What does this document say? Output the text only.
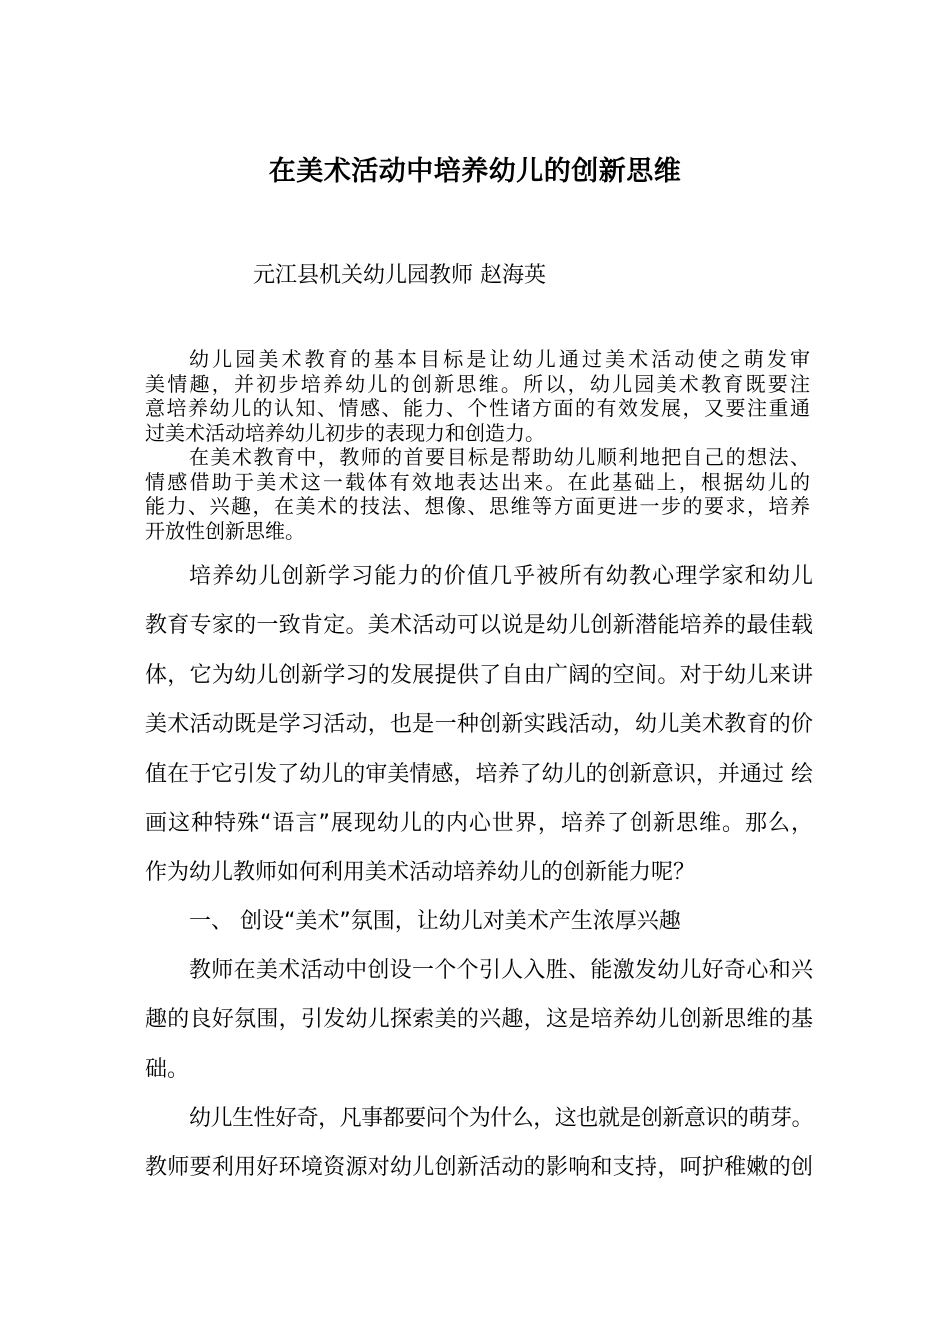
在美术活动中培养幼儿的创新思维
元江县机关幼儿园教师 赵海英
幼儿园美术教育的基本目标是让幼儿通过美术活动使之萌发审
美情趣，并初步培养幼儿的创新思维。所以，幼儿园美术教育既要注
意培养幼儿的认知、情感、能力、个性诸方面的有效发展，又要注重通
过美术活动培养幼儿初步的表现力和创造力。
在美术教育中，教师的首要目标是帮助幼儿顺利地把自己的想法、
情感借助于美术这一载体有效地表达出来。在此基础上，根据幼儿的
能力、兴趣，在美术的技法、想像、思维等方面更进一步的要求，培养
开放性创新思维。
培养幼儿创新学习能力的价值几乎被所有幼教心理学家和幼儿
教育专家的一致肯定。美术活动可以说是幼儿创新潜能培养的最佳载
体，它为幼儿创新学习的发展提供了自由广阔的空间。对于幼儿来讲
美术活动既是学习活动，也是一种创新实践活动，幼儿美术教育的价
值在于它引发了幼儿的审美情感，培养了幼儿的创新意识，并通过 绘
画这种特殊“语言”展现幼儿的内心世界，培养了创新思维。那么，
作为幼儿教师如何利用美术活动培养幼儿的创新能力呢？
一、 创设“美术”氛围，让幼儿对美术产生浓厚兴趣
教师在美术活动中创设一个个引人入胜、能激发幼儿好奇心和兴
趣的良好氛围，引发幼儿探索美的兴趣，这是培养幼儿创新思维的基
础。
幼儿生性好奇，凡事都要问个为什么，这也就是创新意识的萌芽。
教师要利用好环境资源对幼儿创新活动的影响和支持，呵护稚嫩的创
